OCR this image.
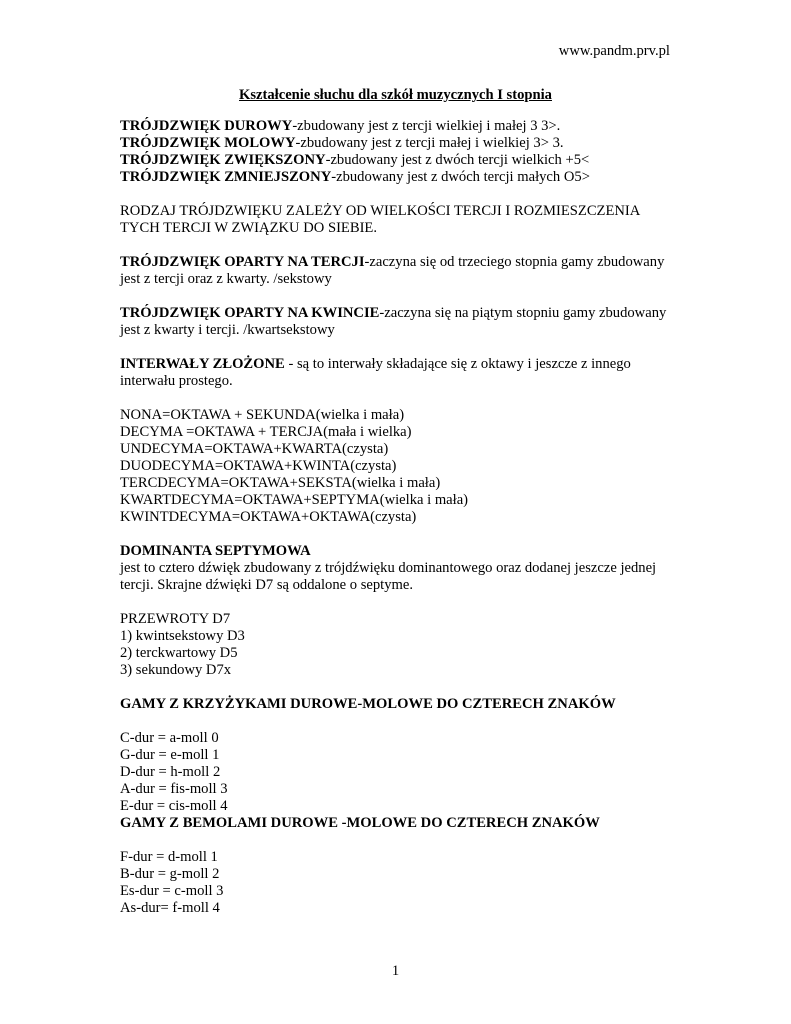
www.pandm.prv.pl
Kształcenie słuchu dla szkół muzycznych I stopnia
TRÓJDZWIĘK DUROWY-zbudowany jest z tercji wielkiej i małej 3 3>.
TRÓJDZWIĘK MOLOWY-zbudowany jest z tercji małej i wielkiej 3> 3.
TRÓJDZWIĘK ZWIĘKSZONY-zbudowany jest z dwóch tercji wielkich +5<
TRÓJDZWIĘK ZMNIEJSZONY-zbudowany jest z dwóch tercji małych O5>
RODZAJ TRÓJDZWIĘKU ZALEŻY OD WIELKOŚCI TERCJI I ROZMIESZCZENIA
TYCH TERCJI W ZWIĄZKU DO SIEBIE.
TRÓJDZWIĘK OPARTY NA TERCJI-zaczyna się od trzeciego stopnia gamy zbudowany
jest z tercji oraz z kwarty. /sekstowy
TRÓJDZWIĘK OPARTY NA KWINCIE-zaczyna się na piątym stopniu gamy zbudowany
jest z kwarty i tercji. /kwartsekstowy
INTERWAŁY ZŁOŻONE - są to interwały składające się z oktawy i jeszcze z innego
interwału prostego.
NONA=OKTAWA + SEKUNDA(wielka i mała)
DECYMA =OKTAWA + TERCJA(mała i wielka)
UNDECYMA=OKTAWA+KWARTA(czysta)
DUODECYMA=OKTAWA+KWINTA(czysta)
TERCDECYMA=OKTAWA+SEKSTA(wielka i mała)
KWARTDECYMA=OKTAWA+SEPTYMA(wielka i mała)
KWINTDECYMA=OKTAWA+OKTAWA(czysta)
DOMINANTA SEPTYMOWA
jest to cztero dźwięk zbudowany z trójdźwięku dominantowego oraz dodanej jeszcze jednej
tercji. Skrajne dźwięki D7 są oddalone o septyme.
PRZEWROTY D7
1) kwintsekstowy D3
2) terckwartowy D5
3) sekundowy D7x
GAMY Z KRZYŻYKAMI DUROWE-MOLOWE DO CZTERECH ZNAKÓW
C-dur = a-moll 0
G-dur = e-moll 1
D-dur = h-moll 2
A-dur = fis-moll 3
E-dur = cis-moll 4
GAMY Z BEMOLAMI DUROWE -MOLOWE DO CZTERECH ZNAKÓW
F-dur = d-moll 1
B-dur = g-moll 2
Es-dur = c-moll 3
As-dur= f-moll 4
1
